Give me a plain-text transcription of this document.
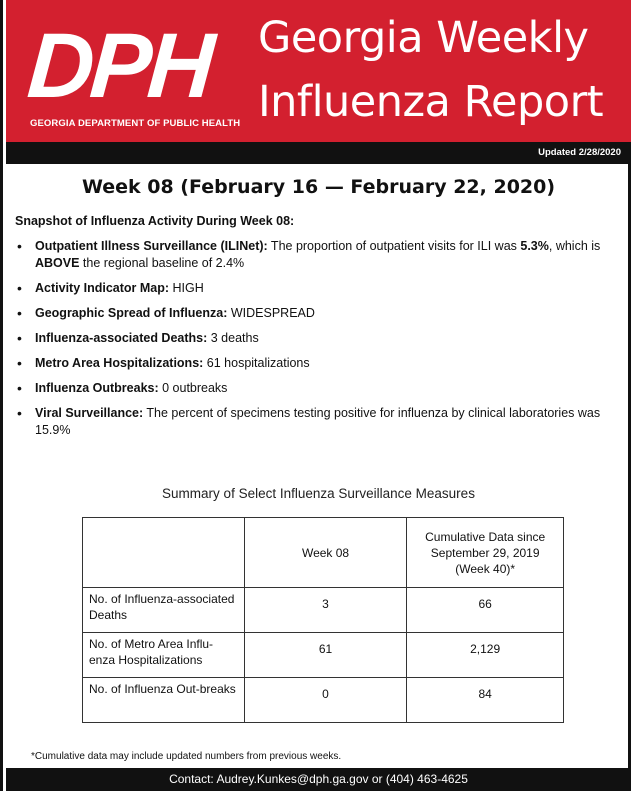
DPH
GEORGIA DEPARTMENT OF PUBLIC HEALTH
Georgia Weekly
Influenza Report
Updated 2/28/2020
Week 08 (February 16 — February 22, 2020)
Snapshot of Influenza Activity During Week 08:
• Outpatient Illness Surveillance (ILINet): The proportion of outpatient visits for ILI was 5.3%, which is ABOVE the regional baseline of 2.4%
• Activity Indicator Map: HIGH
• Geographic Spread of Influenza: WIDESPREAD
• Influenza-associated Deaths: 3 deaths
• Metro Area Hospitalizations: 61 hospitalizations
• Influenza Outbreaks: 0 outbreaks
• Viral Surveillance: The percent of specimens testing positive for influenza by clinical laboratories was 15.9%
Summary of Select Influenza Surveillance Measures
	Week 08	Cumulative Data since September 29, 2019 (Week 40)*
No. of Influenza-associated Deaths	3	66
No. of Metro Area Influ-enza Hospitalizations	61	2,129
No. of Influenza Out-breaks	0	84
*Cumulative data may include updated numbers from previous weeks.
Contact: Audrey.Kunkes@dph.ga.gov or (404) 463-4625
